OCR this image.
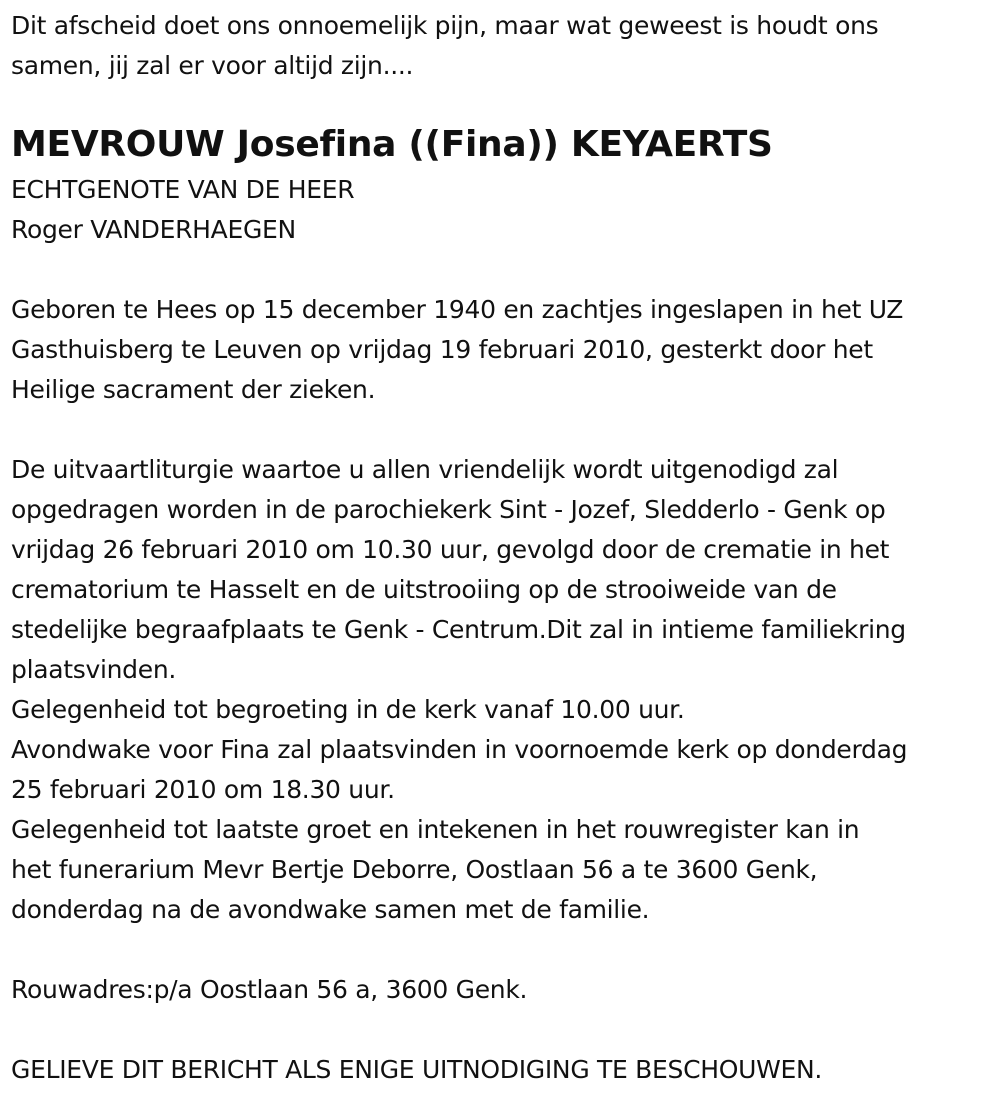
Dit afscheid doet ons onnoemelijk pijn, maar wat geweest is houdt ons
samen, jij zal er voor altijd zijn....
MEVROUW Josefina ((Fina)) KEYAERTS
ECHTGENOTE VAN DE HEER
Roger VANDERHAEGEN
Geboren te Hees op 15 december 1940 en zachtjes ingeslapen in het UZ
Gasthuisberg te Leuven op vrijdag 19 februari 2010, gesterkt door het
Heilige sacrament der zieken.
De uitvaartliturgie waartoe u allen vriendelijk wordt uitgenodigd zal
opgedragen worden in de parochiekerk Sint - Jozef, Sledderlo - Genk op
vrijdag 26 februari 2010 om 10.30 uur, gevolgd door de crematie in het
crematorium te Hasselt en de uitstrooiing op de strooiweide van de
stedelijke begraafplaats te Genk - Centrum.Dit zal in intieme familiekring
plaatsvinden.
Gelegenheid tot begroeting in de kerk vanaf 10.00 uur.
Avondwake voor Fina zal plaatsvinden in voornoemde kerk op donderdag
25 februari 2010 om 18.30 uur.
Gelegenheid tot laatste groet en intekenen in het rouwregister kan in
het funerarium Mevr Bertje Deborre, Oostlaan 56 a te 3600 Genk,
donderdag na de avondwake samen met de familie.
Rouwadres:p/a Oostlaan 56 a, 3600 Genk.
GELIEVE DIT BERICHT ALS ENIGE UITNODIGING TE BESCHOUWEN.
